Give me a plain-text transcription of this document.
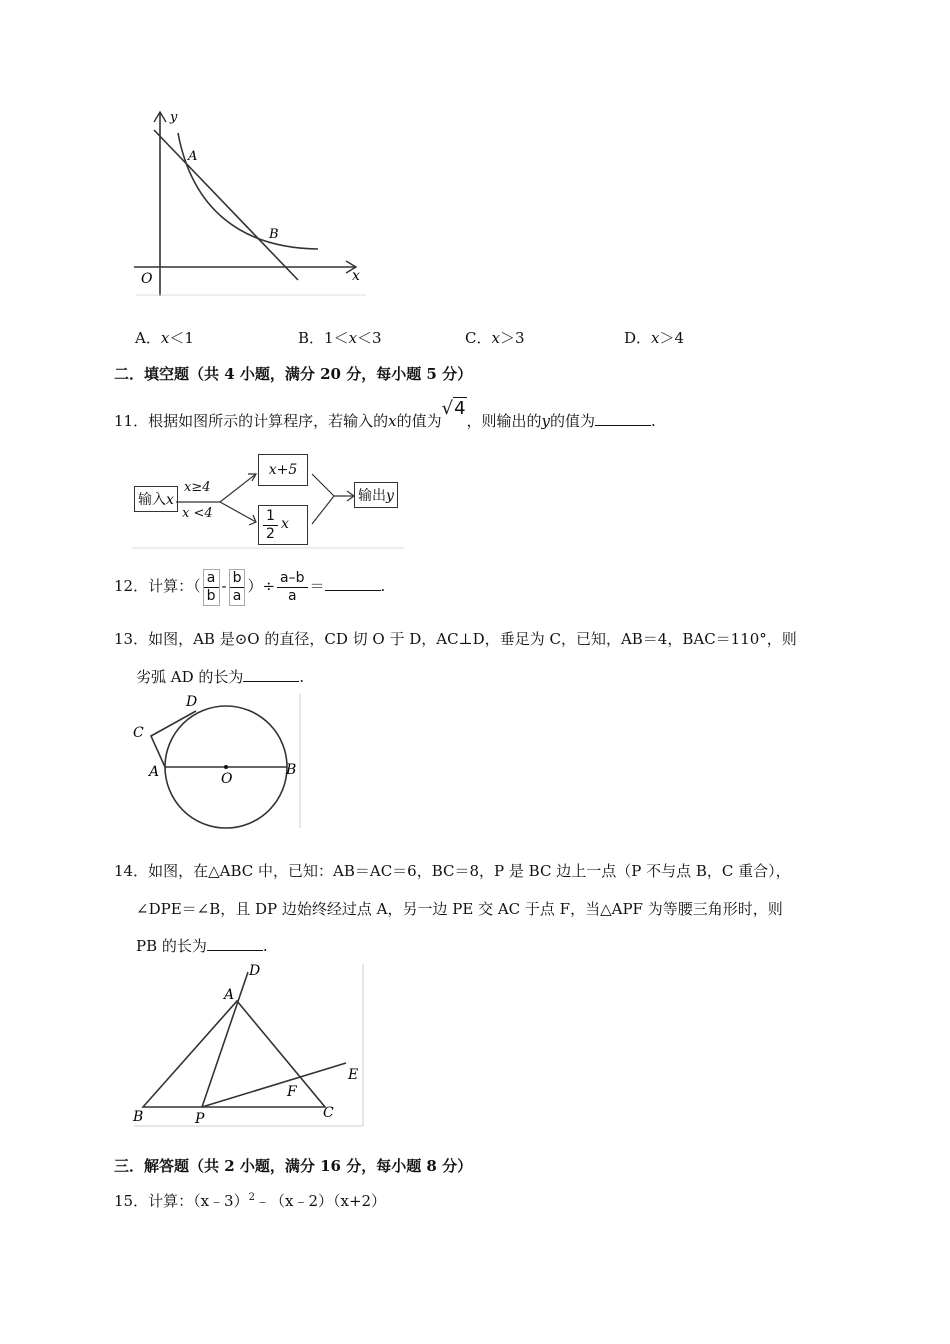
y
x
O
A
B
A．x＜1	B．1＜x＜3	C．x＞3	D．x＞4
二．填空题（共 4 小题，满分 20 分，每小题 5 分）
11．根据如图所示的计算程序，若输入的x的值为√4，则输出的y的值为	.
输入x
x≥4
x <4
x+5
$\frac{1}{2}$ x
输出y
12．计算：（ $\frac{a}{b} - \frac{b}{a}$ ）÷ $\frac{a-b}{a}$ ＝	.
13．如图，AB 是⊙O 的直径，CD 切 O 于 D，AC⊥D，垂足为 C，已知，AB＝4，BAC＝110°，则
劣弧 AD 的长为	.
C
D
A	O
B
14．如图，在△ABC 中，已知：AB＝AC＝6，BC＝8，P 是 BC 边上一点（P 不与点 B，C 重合），
∠DPE＝∠B，且 DP 边始终经过点 A，另一边 PE 交 AC 于点 F，当△APF 为等腰三角形时，则
PB 的长为	.
A
D
B	P
F
C
E
三．解答题（共 2 小题，满分 16 分，每小题 8 分）
15．计算：（x﹣3）$^2$﹣（x﹣2）（x+2）
